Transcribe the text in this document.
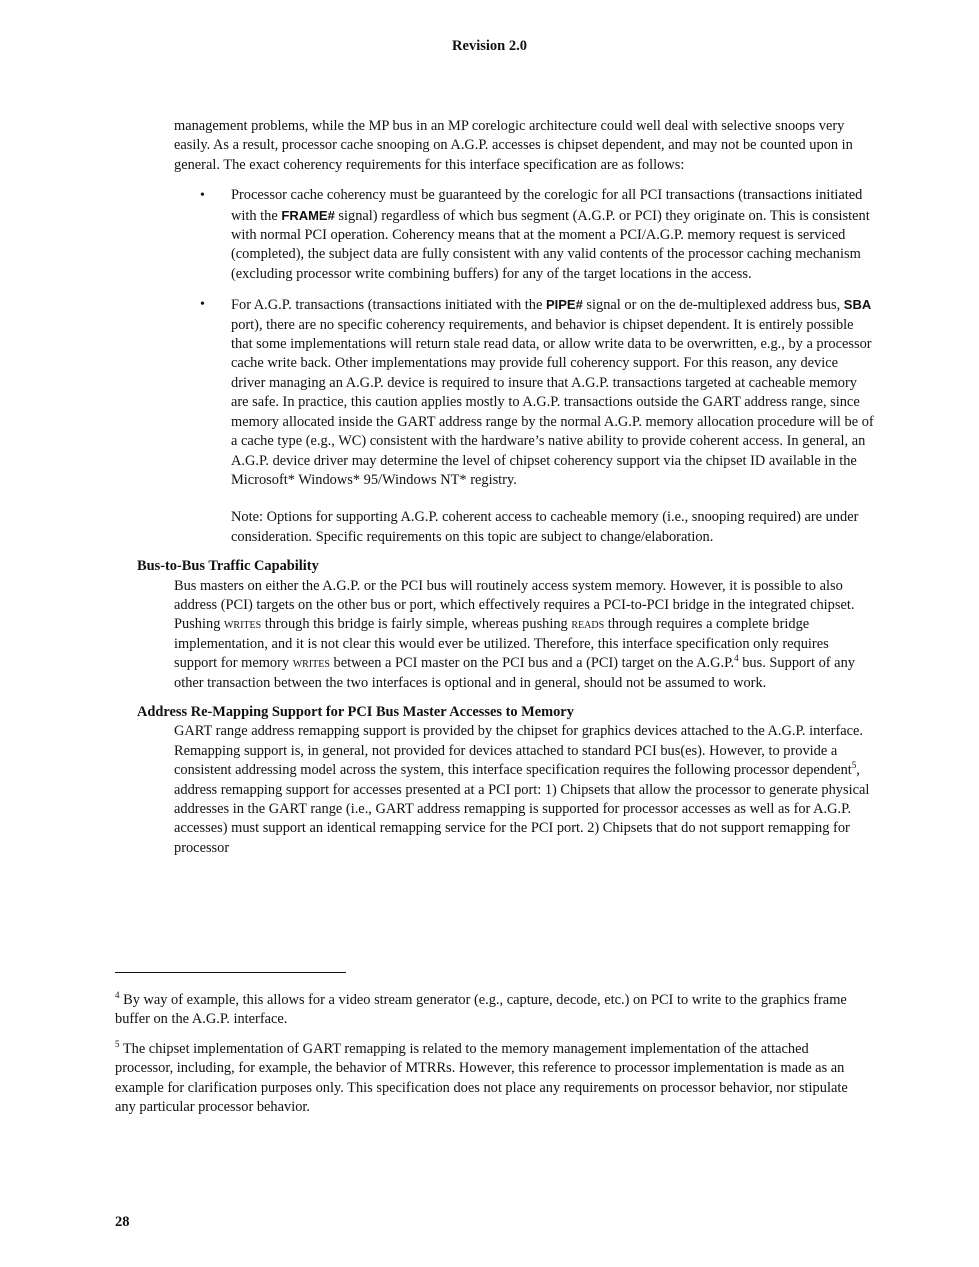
Revision 2.0

management problems, while the MP bus in an MP corelogic architecture could well deal with selective snoops very easily. As a result, processor cache snooping on A.G.P. accesses is chipset dependent, and may not be counted upon in general. The exact coherency requirements for this interface specification are as follows:

• Processor cache coherency must be guaranteed by the corelogic for all PCI transactions (transactions initiated with the FRAME# signal) regardless of which bus segment (A.G.P. or PCI) they originate on. This is consistent with normal PCI operation. Coherency means that at the moment a PCI/A.G.P. memory request is serviced (completed), the subject data are fully consistent with any valid contents of the processor caching mechanism (excluding processor write combining buffers) for any of the target locations in the access.
• For A.G.P. transactions (transactions initiated with the PIPE# signal or on the de-multiplexed address bus, SBA port), there are no specific coherency requirements, and behavior is chipset dependent. It is entirely possible that some implementations will return stale read data, or allow write data to be overwritten, e.g., by a processor cache write back. Other implementations may provide full coherency support. For this reason, any device driver managing an A.G.P. device is required to insure that A.G.P. transactions targeted at cacheable memory are safe. In practice, this caution applies mostly to A.G.P. transactions outside the GART address range, since memory allocated inside the GART address range by the normal A.G.P. memory allocation procedure will be of a cache type (e.g., WC) consistent with the hardware’s native ability to provide coherent access. In general, an A.G.P. device driver may determine the level of chipset coherency support via the chipset ID available in the Microsoft* Windows* 95/Windows NT* registry.

Note: Options for supporting A.G.P. coherent access to cacheable memory (i.e., snooping required) are under consideration. Specific requirements on this topic are subject to change/elaboration.

Bus-to-Bus Traffic Capability

Bus masters on either the A.G.P. or the PCI bus will routinely access system memory. However, it is possible to also address (PCI) targets on the other bus or port, which effectively requires a PCI-to-PCI bridge in the integrated chipset. Pushing writes through this bridge is fairly simple, whereas pushing reads through requires a complete bridge implementation, and it is not clear this would ever be utilized. Therefore, this interface specification only requires support for memory writes between a PCI master on the PCI bus and a (PCI) target on the A.G.P.$^4$ bus. Support of any other transaction between the two interfaces is optional and in general, should not be assumed to work.

Address Re-Mapping Support for PCI Bus Master Accesses to Memory

GART range address remapping support is provided by the chipset for graphics devices attached to the A.G.P. interface. Remapping support is, in general, not provided for devices attached to standard PCI bus(es). However, to provide a consistent addressing model across the system, this interface specification requires the following processor dependent$^5$, address remapping support for accesses presented at a PCI port: 1) Chipsets that allow the processor to generate physical addresses in the GART range (i.e., GART address remapping is supported for processor accesses as well as for A.G.P. accesses) must support an identical remapping service for the PCI port. 2) Chipsets that do not support remapping for processor

$^4$ By way of example, this allows for a video stream generator (e.g., capture, decode, etc.) on PCI to write to the graphics frame buffer on the A.G.P. interface.

$^5$ The chipset implementation of GART remapping is related to the memory management implementation of the attached processor, including, for example, the behavior of MTRRs. However, this reference to processor implementation is made as an example for clarification purposes only. This specification does not place any requirements on processor behavior, nor stipulate any particular processor behavior.

28
